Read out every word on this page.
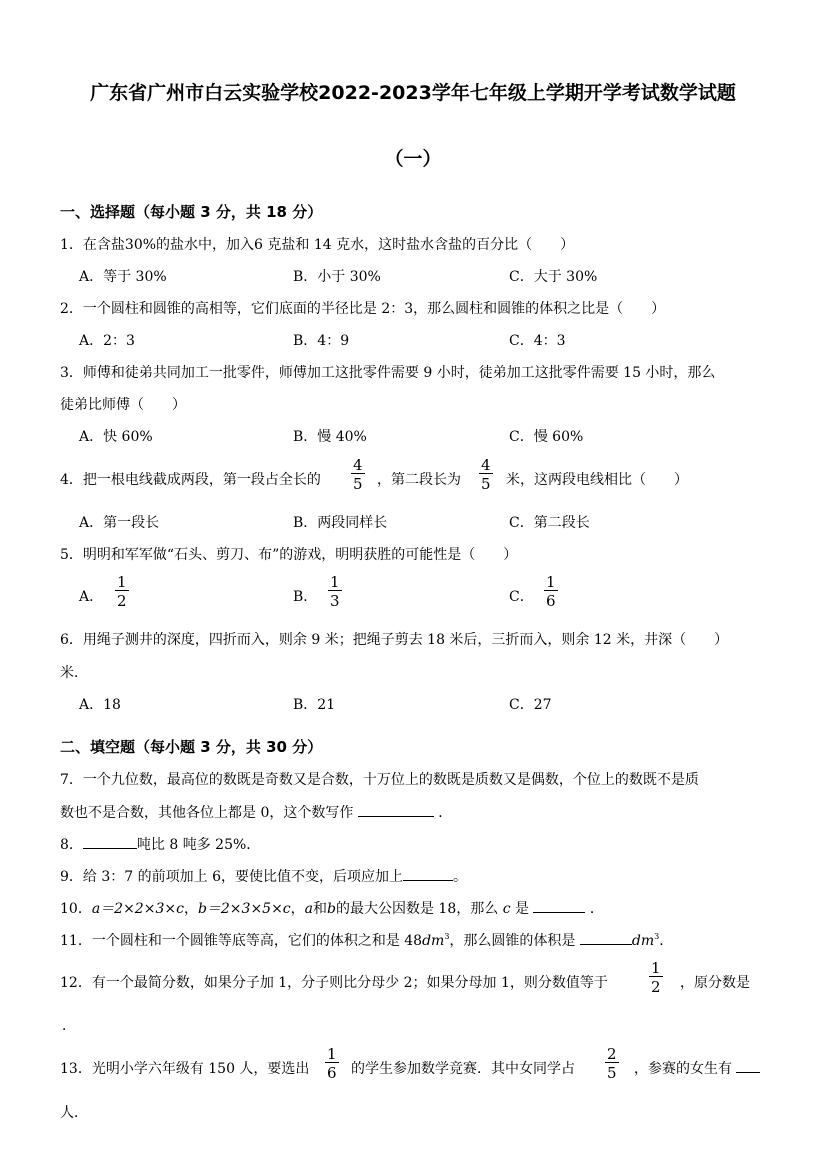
广东省广州市白云实验学校2022-2023学年七年级上学期开学考试数学试题
（一）
一、选择题（每小题 3 分，共 18 分）
1．在含盐30%的盐水中，加入6 克盐和 14 克水，这时盐水含盐的百分比（　　）
A．等于 30%	B．小于 30%	C．大于 30%
2．一个圆柱和圆锥的高相等，它们底面的半径比是 2：3，那么圆柱和圆锥的体积之比是（　　）
A．2：3	B．4：9	C．4：3
3．师傅和徒弟共同加工一批零件，师傅加工这批零件需要 9 小时，徒弟加工这批零件需要 15 小时，那么
徒弟比师傅（　　）
A．快 60%	B．慢 40%	C．慢 60%
4．把一根电线截成两段，第一段占全长的 $\frac{4}{5}$ ，第二段长为 $\frac{4}{5}$ 米，这两段电线相比（　　）
A．第一段长	B．两段同样长	C．第二段长
5．明明和军军做“石头、剪刀、布”的游戏，明明获胜的可能性是（　　）
A． $\frac{1}{2}$	B． $\frac{1}{3}$	C． $\frac{1}{6}$
6．用绳子测井的深度，四折而入，则余 9 米；把绳子剪去 18 米后，三折而入，则余 12 米，井深（　　）
米．
A．18	B．21	C．27
二、填空题（每小题 3 分，共 30 分）
7．一个九位数，最高位的数既是奇数又是合数，十万位上的数既是质数又是偶数，个位上的数既不是质
数也不是合数，其他各位上都是 0，这个数写作	．
8．	吨比 8 吨多 25%．
9．给 3：7 的前项加上 6，要使比值不变，后项应加上	。
10．a＝2×2×3×c，b＝2×3×5×c，a和b的最大公因数是 18，那么 c 是	．
11．一个圆柱和一个圆锥等底等高，它们的体积之和是 $48dm^3$，那么圆锥的体积是	$dm^3$．
12．有一个最简分数，如果分子加 1，分子则比分母少 2；如果分母加 1，则分数值等于	$\frac{1}{2}$ ，原分数是
．
13．光明小学六年级有 150 人，要选出 $\frac{1}{6}$ 的学生参加数学竞赛．其中女同学占 $\frac{2}{5}$ ，参赛的女生有
人．
